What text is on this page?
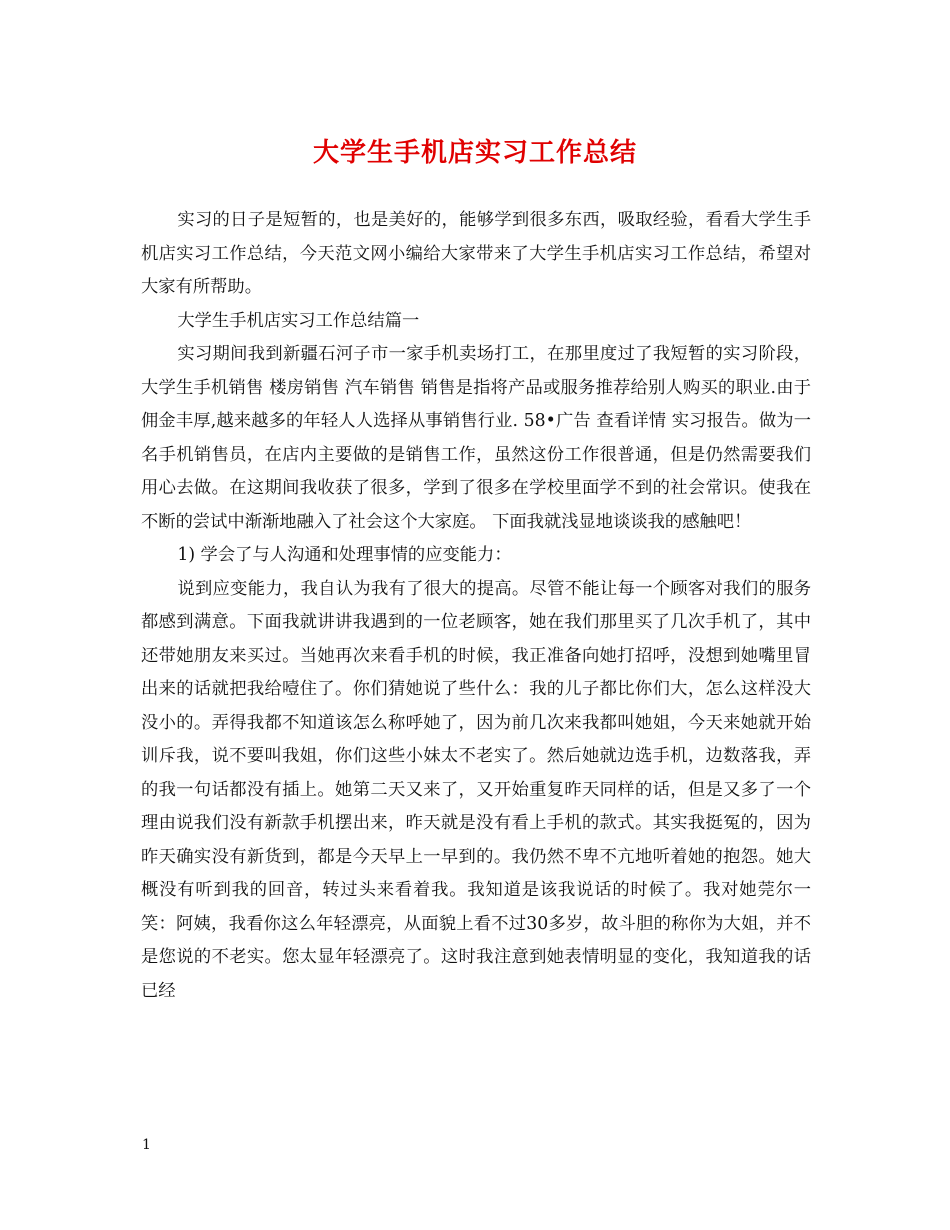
大学生手机店实习工作总结

实习的日子是短暂的，也是美好的，能够学到很多东西，吸取经验，看看大学生手机店实习工作总结，今天范文网小编给大家带来了大学生手机店实习工作总结，希望对大家有所帮助。

大学生手机店实习工作总结篇一

实习期间我到新疆石河子市一家手机卖场打工，在那里度过了我短暂的实习阶段，大学生手机销售 楼房销售 汽车销售 销售是指将产品或服务推荐给别人购买的职业.由于佣金丰厚,越来越多的年轻人人选择从事销售行业. 58•广告 查看详情 实习报告。做为一名手机销售员，在店内主要做的是销售工作，虽然这份工作很普通，但是仍然需要我们用心去做。在这期间我收获了很多，学到了很多在学校里面学不到的社会常识。使我在不断的尝试中渐渐地融入了社会这个大家庭。 下面我就浅显地谈谈我的感触吧！

1) 学会了与人沟通和处理事情的应变能力：

说到应变能力，我自认为我有了很大的提高。尽管不能让每一个顾客对我们的服务都感到满意。下面我就讲讲我遇到的一位老顾客，她在我们那里买了几次手机了，其中还带她朋友来买过。当她再次来看手机的时候，我正准备向她打招呼，没想到她嘴里冒出来的话就把我给噎住了。你们猜她说了些什么：我的儿子都比你们大，怎么这样没大没小的。弄得我都不知道该怎么称呼她了，因为前几次来我都叫她姐，今天来她就开始训斥我，说不要叫我姐，你们这些小妹太不老实了。然后她就边选手机，边数落我，弄的我一句话都没有插上。她第二天又来了，又开始重复昨天同样的话，但是又多了一个理由说我们没有新款手机摆出来，昨天就是没有看上手机的款式。其实我挺冤的，因为昨天确实没有新货到，都是今天早上一早到的。我仍然不卑不亢地听着她的抱怨。她大概没有听到我的回音，转过头来看着我。我知道是该我说话的时候了。我对她莞尔一笑：阿姨，我看你这么年轻漂亮，从面貌上看不过30多岁，故斗胆的称你为大姐，并不是您说的不老实。您太显年轻漂亮了。这时我注意到她表情明显的变化，我知道我的话已经

1
